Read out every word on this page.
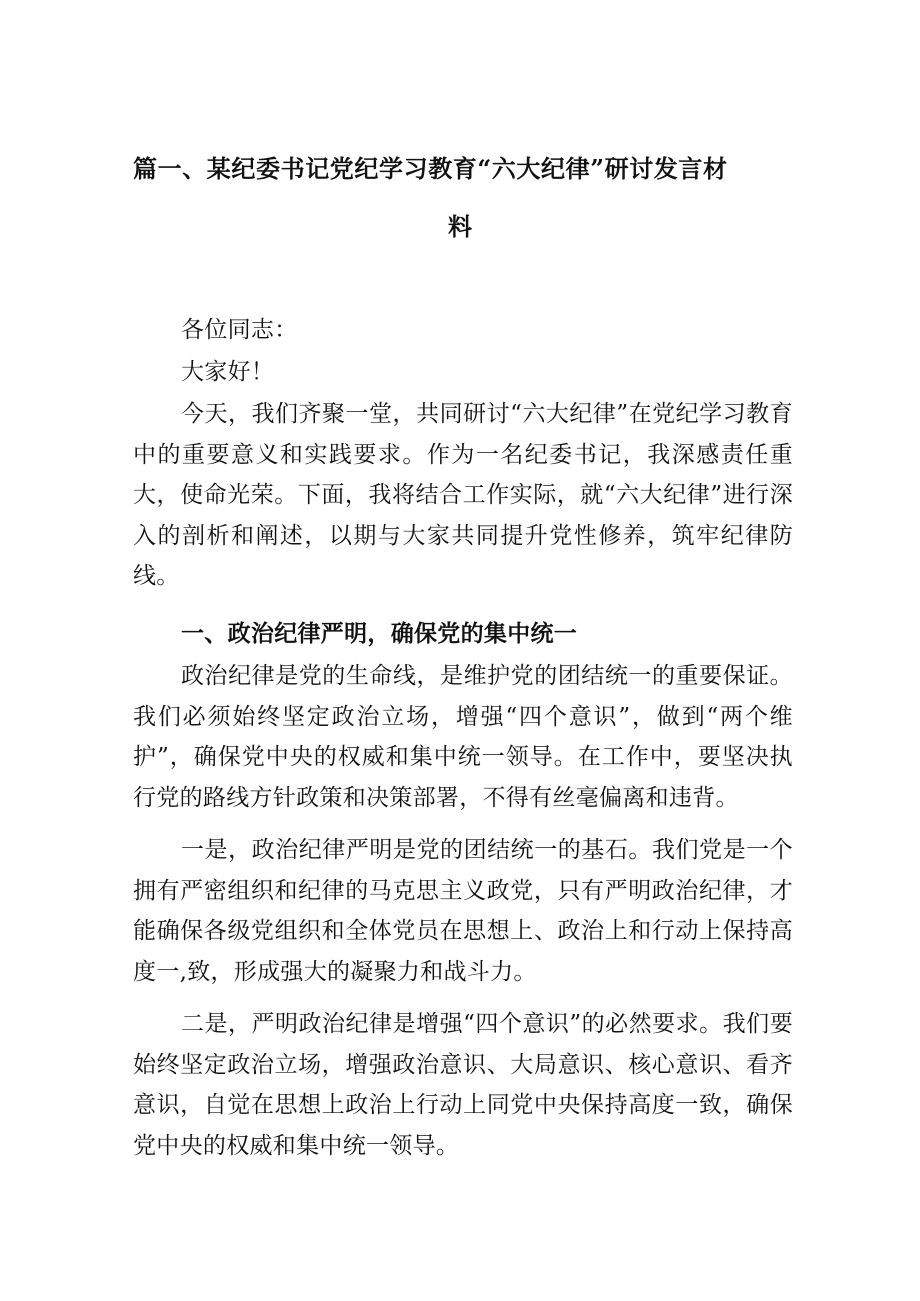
篇一、某纪委书记党纪学习教育“六大纪律”研讨发言材
料

各位同志：

大家好！

今天，我们齐聚一堂，共同研讨“六大纪律”在党纪学习教育中的重要意义和实践要求。作为一名纪委书记，我深感责任重大，使命光荣。下面，我将结合工作实际，就“六大纪律”进行深入的剖析和阐述，以期与大家共同提升党性修养，筑牢纪律防线。

一、政治纪律严明，确保党的集中统一

政治纪律是党的生命线，是维护党的团结统一的重要保证。我们必须始终坚定政治立场，增强“四个意识”，做到“两个维护”，确保党中央的权威和集中统一领导。在工作中，要坚决执行党的路线方针政策和决策部署，不得有丝毫偏离和违背。

一是，政治纪律严明是党的团结统一的基石。我们党是一个拥有严密组织和纪律的马克思主义政党，只有严明政治纪律，才能确保各级党组织和全体党员在思想上、政治上和行动上保持高度一,致，形成强大的凝聚力和战斗力。

二是，严明政治纪律是增强“四个意识”的必然要求。我们要始终坚定政治立场，增强政治意识、大局意识、核心意识、看齐意识，自觉在思想上政治上行动上同党中央保持高度一致，确保党中央的权威和集中统一领导。
